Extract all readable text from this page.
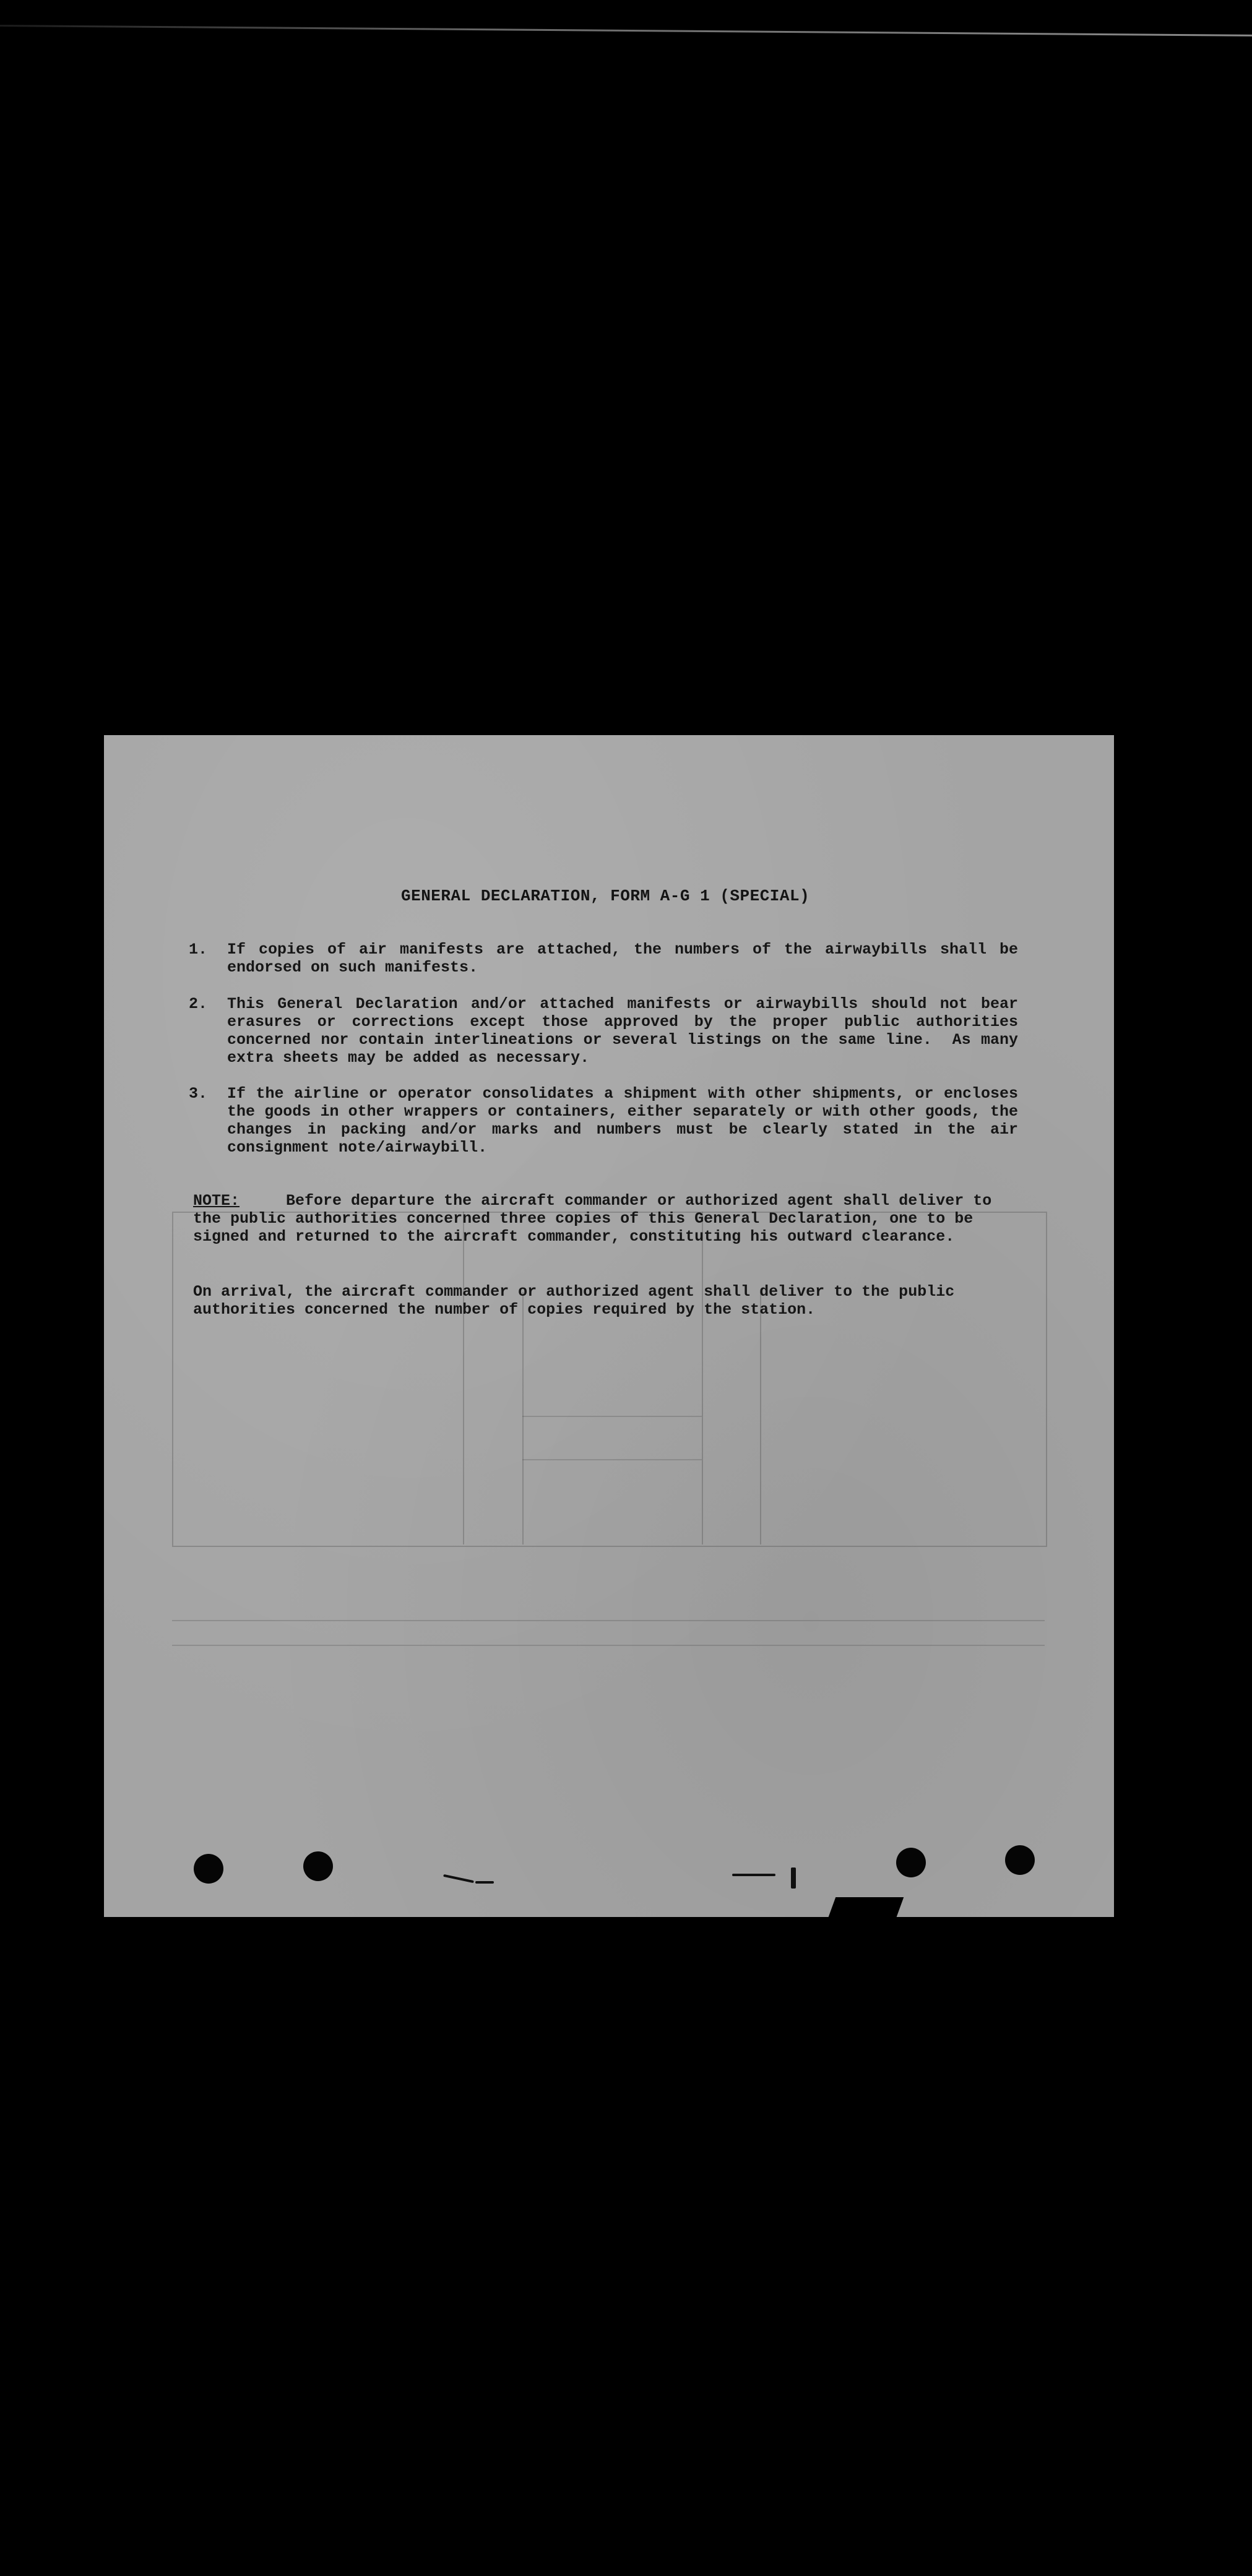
GENERAL DECLARATION, FORM A-G 1 (SPECIAL)
1. If copies of air manifests are attached, the numbers of the airwaybills shall be endorsed on such manifests.
2. This General Declaration and/or attached manifests or airwaybills should not bear erasures or corrections except those approved by the proper public authorities concerned nor contain interlineations or several listings on the same line.  As many extra sheets may be added as necessary.
3. If the airline or operator consolidates a shipment with other shipments, or encloses the goods in other wrappers or containers, either separately or with other goods, the changes in packing and/or marks and numbers must be clearly stated in the air consignment note/airwaybill.
NOTE:     Before departure the aircraft commander or authorized agent shall deliver to the public authorities concerned three copies of this General Declaration, one to be signed and returned to the aircraft commander, constituting his outward clearance.
On arrival, the aircraft commander or authorized agent shall deliver to the public authorities concerned the number of copies required by the station.
